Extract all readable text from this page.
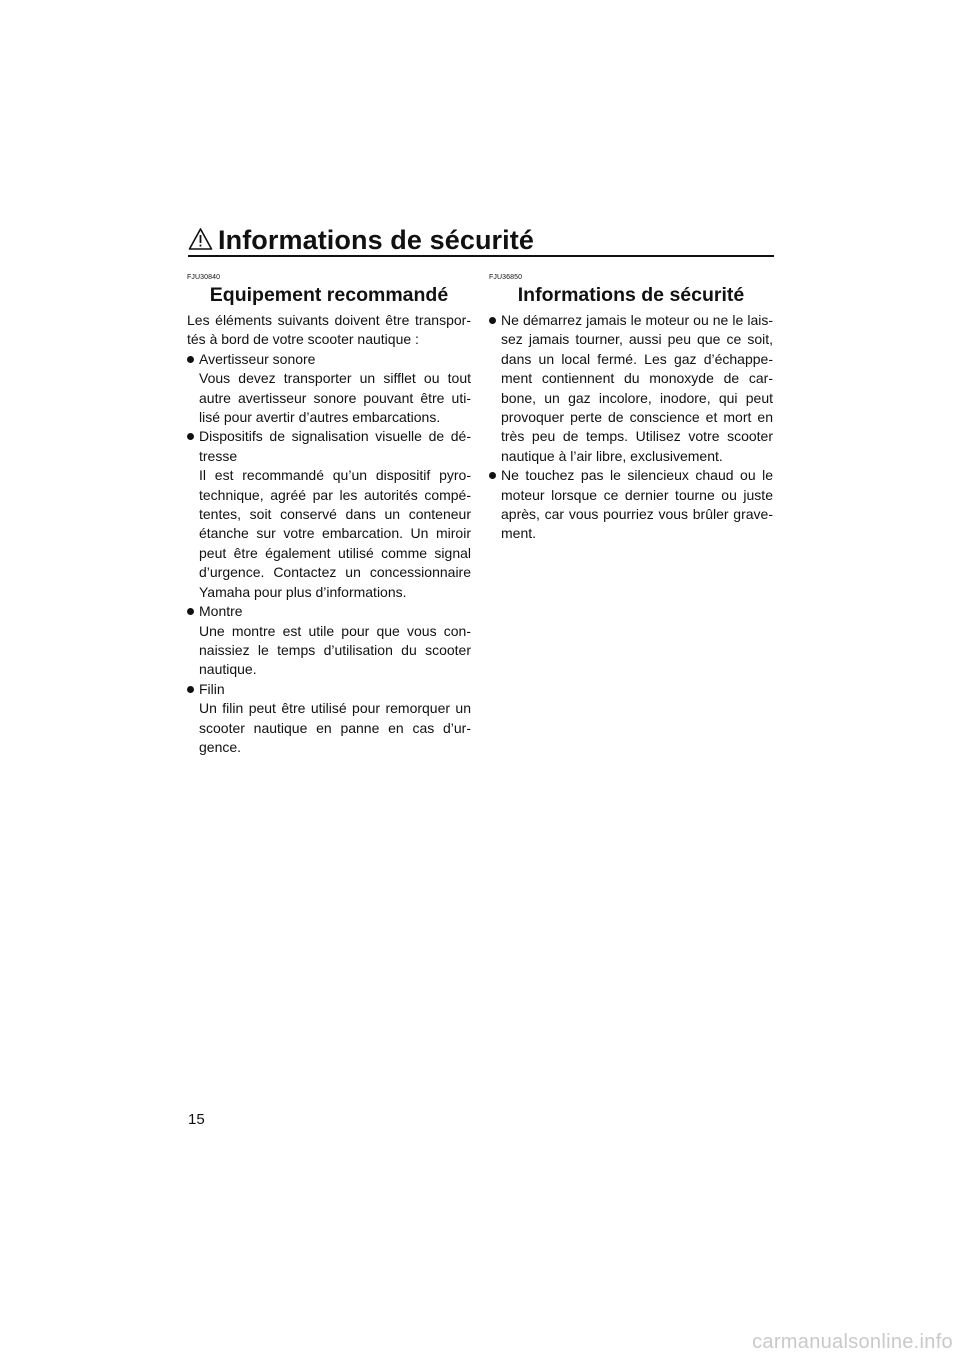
Informations de sécurité
FJU30840
Equipement recommandé

Les éléments suivants doivent être transpor-tés à bord de votre scooter nautique :

Avertisseur sonore
Vous devez transporter un sifflet ou tout autre avertisseur sonore pouvant être uti-lisé pour avertir d’autres embarcations.
Dispositifs de signalisation visuelle de dé-tresse
Il est recommandé qu’un dispositif pyro-technique, agréé par les autorités compé-tentes, soit conservé dans un conteneur étanche sur votre embarcation. Un miroir peut être également utilisé comme signal d’urgence. Contactez un concessionnaire Yamaha pour plus d’informations.
Montre
Une montre est utile pour que vous con-naissiez le temps d’utilisation du scooter nautique.
Filin
Un filin peut être utilisé pour remorquer un scooter nautique en panne en cas d’ur-gence.
FJU36850
Informations de sécurité
Ne démarrez jamais le moteur ou ne le lais-sez jamais tourner, aussi peu que ce soit, dans un local fermé. Les gaz d’échappe-ment contiennent du monoxyde de car-bone, un gaz incolore, inodore, qui peut provoquer perte de conscience et mort en très peu de temps. Utilisez votre scooter nautique à l’air libre, exclusivement.
Ne touchez pas le silencieux chaud ou le moteur lorsque ce dernier tourne ou juste après, car vous pourriez vous brûler grave-ment.
15
carmanualsonline.info
